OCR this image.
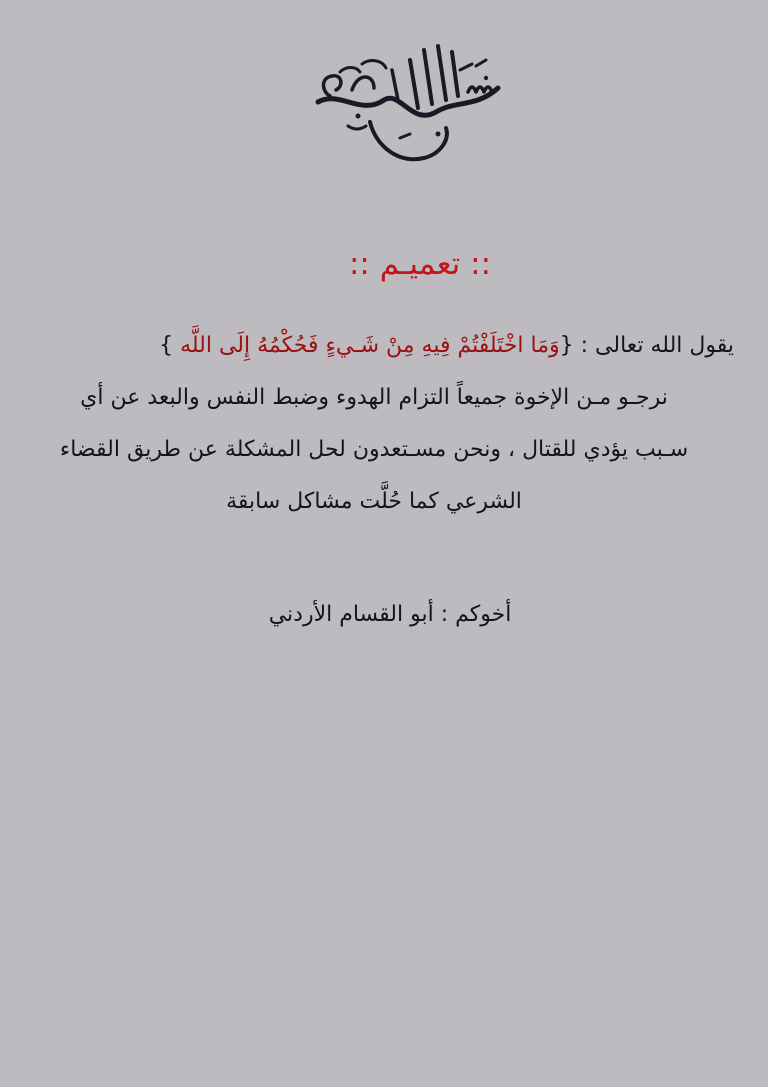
:: تعميـم ::
يقول الله تعالى : {وَمَا اخْتَلَفْتُمْ فِيهِ مِنْ شَـيءٍ فَحُكْمُهُ إِلَى اللَّه }
نرجـو مـن الإخوة جميعاً التزام الهدوء وضبط النفس والبعد عن أي
سـبب يؤدي للقتال ، ونحن مسـتعدون لحل المشكلة عن طريق القضاء
الشرعي كما حُلَّت مشاكل سابقة
أخوكم : أبو القسام الأردني
